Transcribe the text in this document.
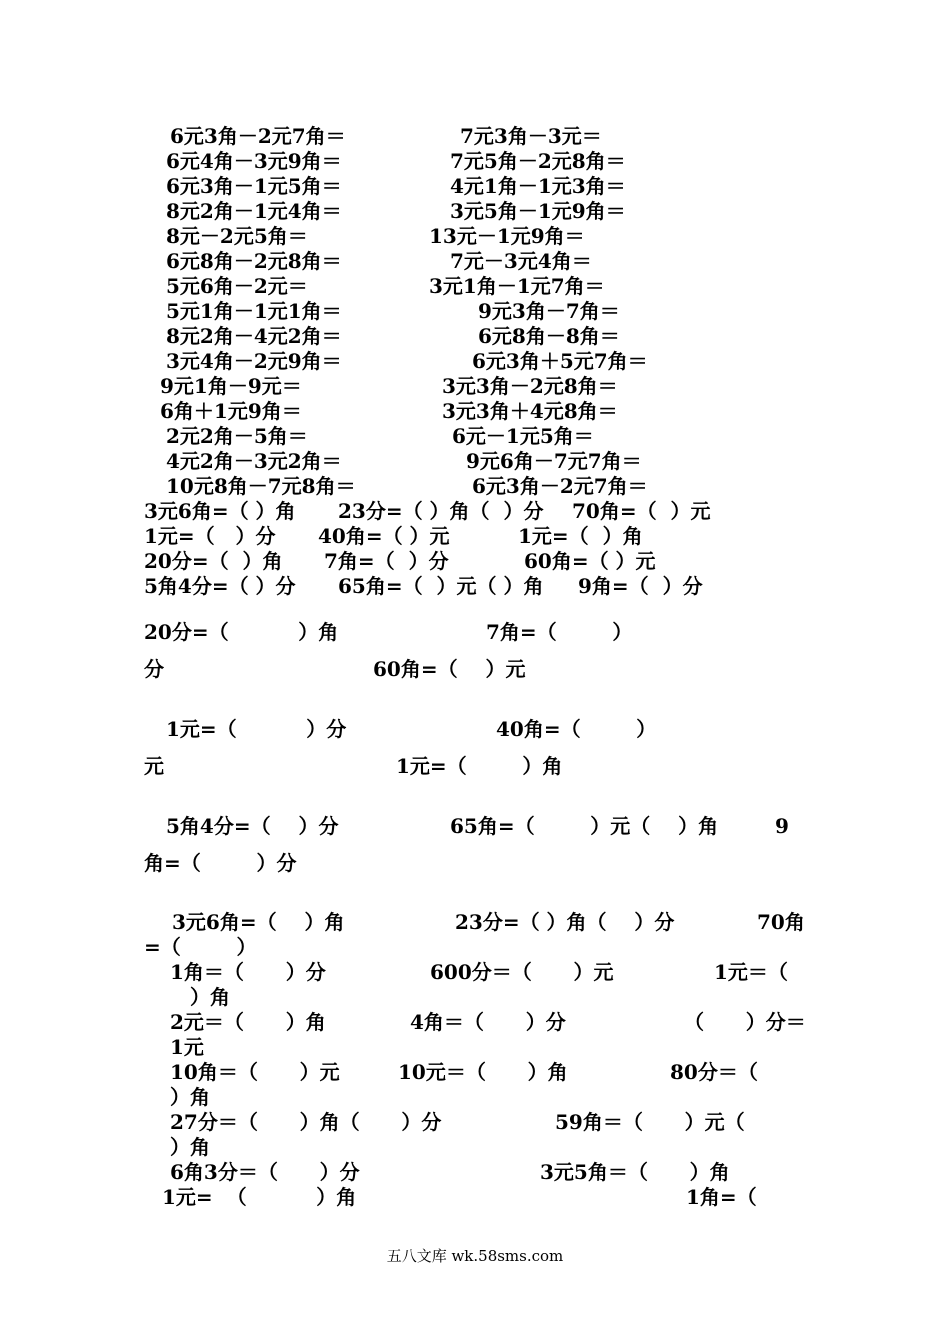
6元3角－2元7角＝	7元3角－3元＝
6元4角－3元9角＝	7元5角－2元8角＝
6元3角－1元5角＝	4元1角－1元3角＝
8元2角－1元4角＝	3元5角－1元9角＝
8元－2元5角＝	13元－1元9角＝
6元8角－2元8角＝	7元－3元4角＝
5元6角－2元＝	3元1角－1元7角＝
5元1角－1元1角＝	9元3角－7角＝
8元2角－4元2角＝	6元8角－8角＝
3元4角－2元9角＝	6元3角＋5元7角＝
9元1角－9元＝	3元3角－2元8角＝
6角＋1元9角＝	3元3角＋4元8角＝
2元2角－5角＝	6元－1元5角＝
4元2角－3元2角＝	9元6角－7元7角＝
10元8角－7元8角＝	6元3角－2元7角＝
3元6角=（ ）角 23分=（ ）角（  ）分 70角=（  ）元
1元=（   ）分 40角=（ ）元	1元=（  ）角
20分=（  ）角 7角=（  ）分	60角=（ ）元
5角4分=（ ）分 65角=（  ）元（ ）角 9角=（  ）分
20分=（          ）角	7角=（        ）
分	60角=（    ）元
1元=（          ）分	40角=（        ）
元	1元=（        ）角
5角4分=（    ）分	65角=（        ）元（    ）角	9
角=（        ）分
3元6角=（    ）角	23分=（ ）角（    ）分	70角
=（        ）
1角＝（      ）分	600分＝（      ）元	1元＝（
）角
2元＝（      ）角	4角＝（      ）分	（      ）分＝
1元
10角＝（      ）元	10元＝（      ）角	80分＝（
）角
27分＝（      ）角（      ）分	59角＝（      ）元（
）角
6角3分＝（      ）分	3元5角＝（      ）角
1元=  （          ）角	1角=（
五八文库 wk.58sms.com
